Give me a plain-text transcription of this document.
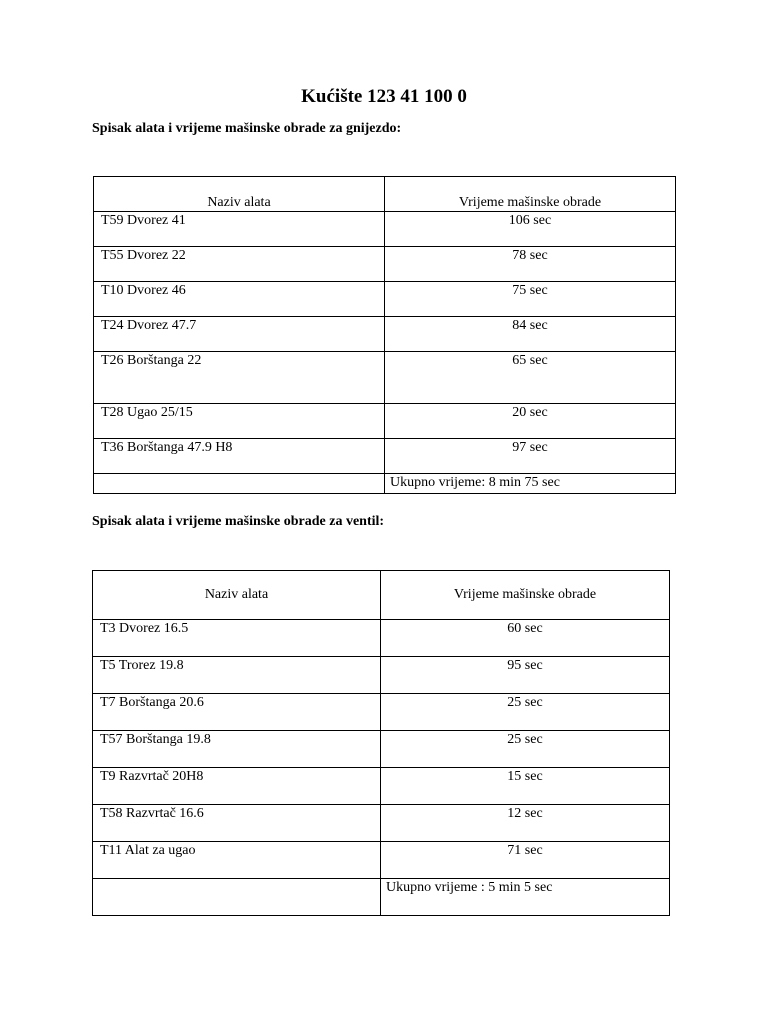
Kućište 123 41 100 0
Spisak alata i vrijeme mašinske obrade za gnijezdo:
Naziv alata	Vrijeme mašinske obrade
T59 Dvorez 41	106 sec
T55 Dvorez 22	78 sec
T10 Dvorez 46	75 sec
T24 Dvorez 47.7	84 sec
T26 Borštanga 22	65 sec
T28 Ugao 25/15	20 sec
T36 Borštanga 47.9 H8	97 sec
	Ukupno vrijeme: 8 min 75 sec
Spisak alata i vrijeme mašinske obrade za ventil:
Naziv alata	Vrijeme mašinske obrade
T3 Dvorez 16.5	60 sec
T5 Trorez 19.8	95 sec
T7 Borštanga 20.6	25 sec
T57 Borštanga 19.8	25 sec
T9 Razvrtač 20H8	15 sec
T58 Razvrtač 16.6	12 sec
T11 Alat za ugao	71 sec
	Ukupno vrijeme : 5 min 5 sec
